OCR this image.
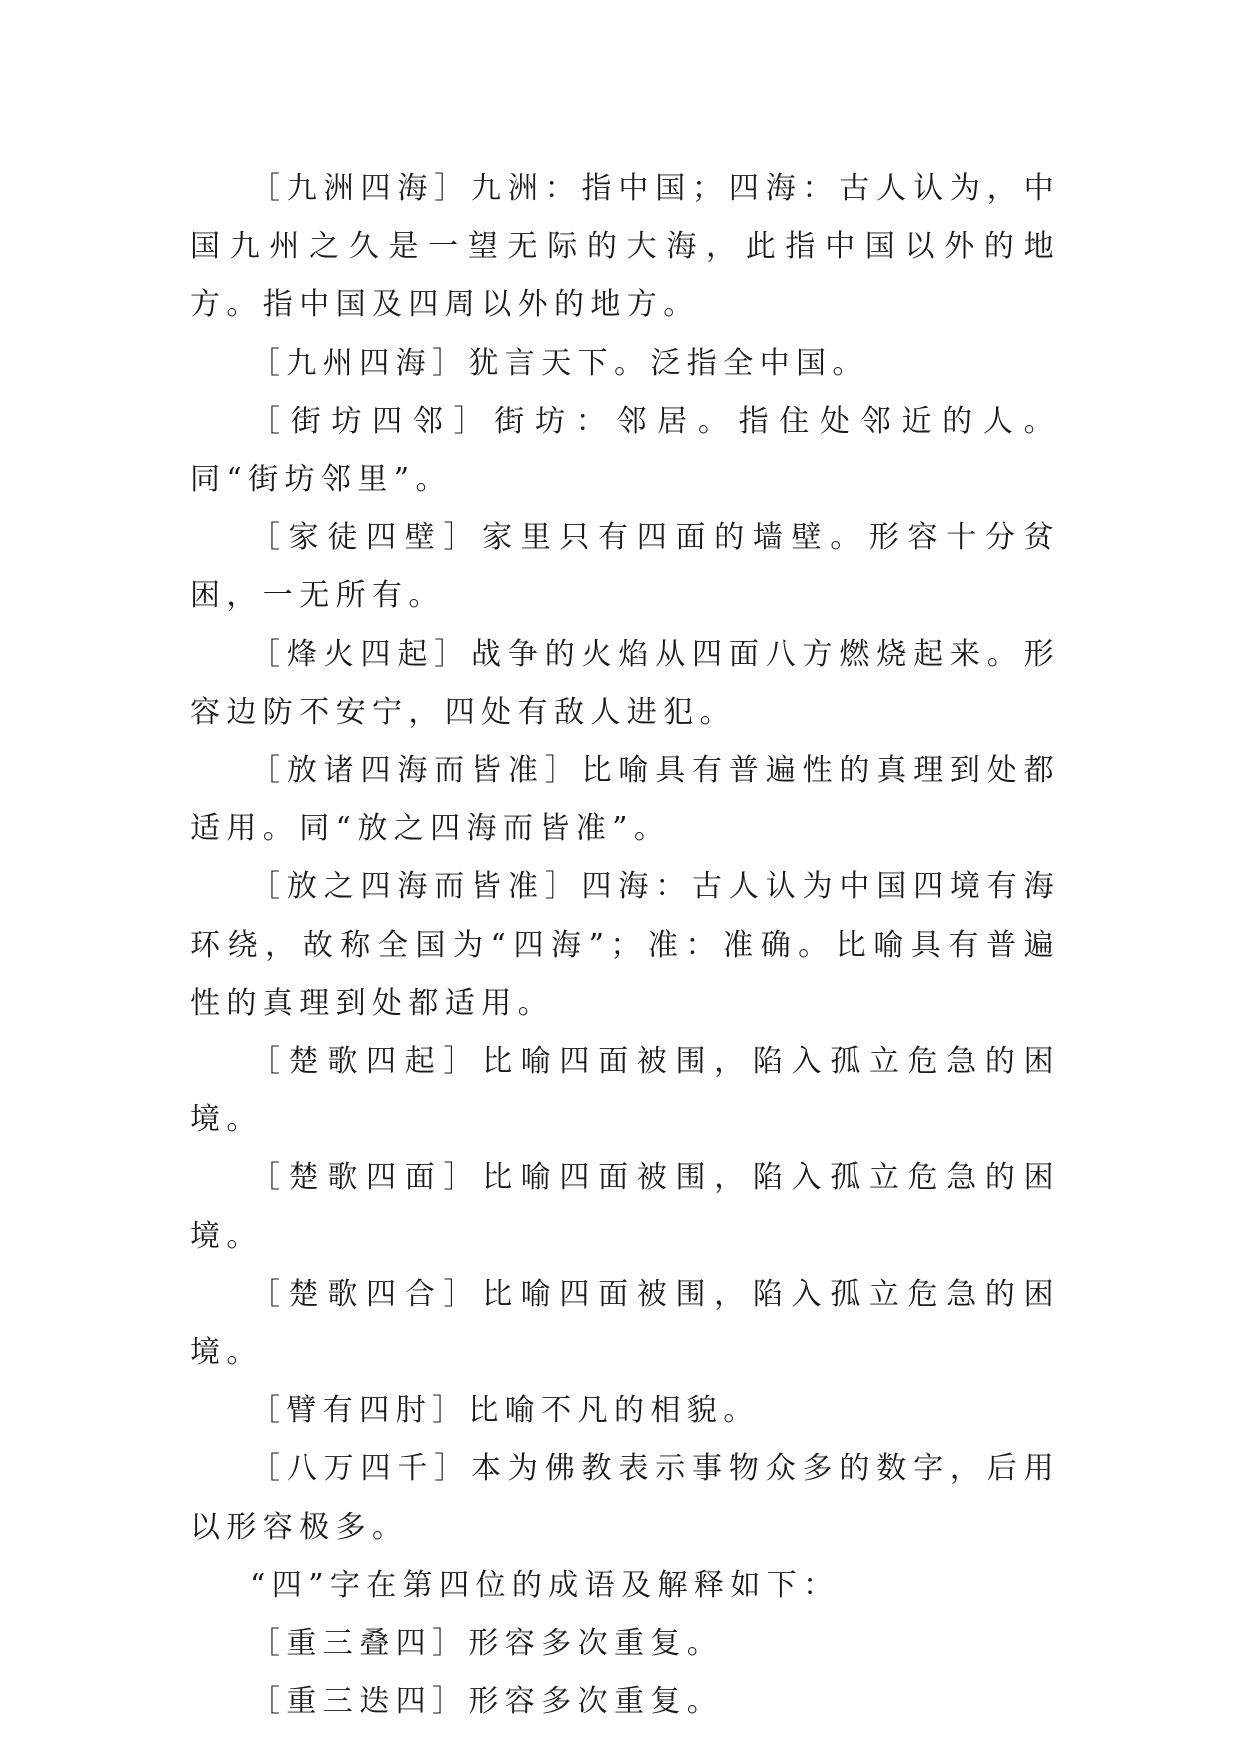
［九洲四海］九洲：指中国；四海：古人认为，中国九州之久是一望无际的大海，此指中国以外的地方。指中国及四周以外的地方。

［九州四海］犹言天下。泛指全中国。

［街坊四邻］街坊：邻居。指住处邻近的人。同“街坊邻里”。

［家徒四壁］家里只有四面的墙壁。形容十分贫困，一无所有。

［烽火四起］战争的火焰从四面八方燃烧起来。形容边防不安宁，四处有敌人进犯。

［放诸四海而皆准］比喻具有普遍性的真理到处都适用。同“放之四海而皆准”。

［放之四海而皆准］四海：古人认为中国四境有海环绕，故称全国为“四海”；准：准确。比喻具有普遍性的真理到处都适用。

［楚歌四起］比喻四面被围，陷入孤立危急的困境。

［楚歌四面］比喻四面被围，陷入孤立危急的困境。

［楚歌四合］比喻四面被围，陷入孤立危急的困境。

［臂有四肘］比喻不凡的相貌。

［八万四千］本为佛教表示事物众多的数字，后用以形容极多。

“四”字在第四位的成语及解释如下：

［重三叠四］形容多次重复。

［重三迭四］形容多次重复。
